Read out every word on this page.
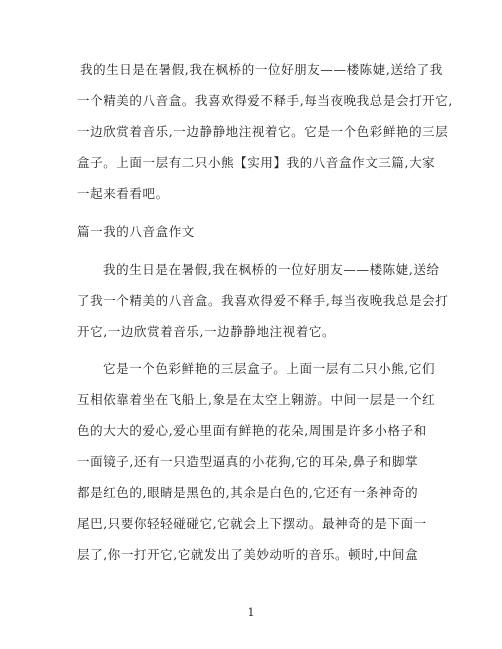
我的生日是在暑假,我在枫桥的一位好朋友——楼陈婕,送给了我
一个精美的八音盒。我喜欢得爱不释手,每当夜晚我总是会打开它,
一边欣赏着音乐,一边静静地注视着它。它是一个色彩鲜艳的三层
盒子。上面一层有二只小熊【实用】我的八音盒作文三篇,大家
一起来看看吧。
篇一我的八音盒作文
我的生日是在暑假,我在枫桥的一位好朋友——楼陈婕,送给
了我一个精美的八音盒。我喜欢得爱不释手,每当夜晚我总是会打
开它,一边欣赏着音乐,一边静静地注视着它。
它是一个色彩鲜艳的三层盒子。上面一层有二只小熊,它们
互相依靠着坐在飞船上,象是在太空上翱游。中间一层是一个红
色的大大的爱心,爱心里面有鲜艳的花朵,周围是许多小格子和
一面镜子,还有一只造型逼真的小花狗,它的耳朵,鼻子和脚掌
都是红色的,眼睛是黑色的,其余是白色的,它还有一条神奇的
尾巴,只要你轻轻碰碰它,它就会上下摆动。最神奇的是下面一
层了,你一打开它,它就发出了美妙动听的音乐。顿时,中间盒
1
